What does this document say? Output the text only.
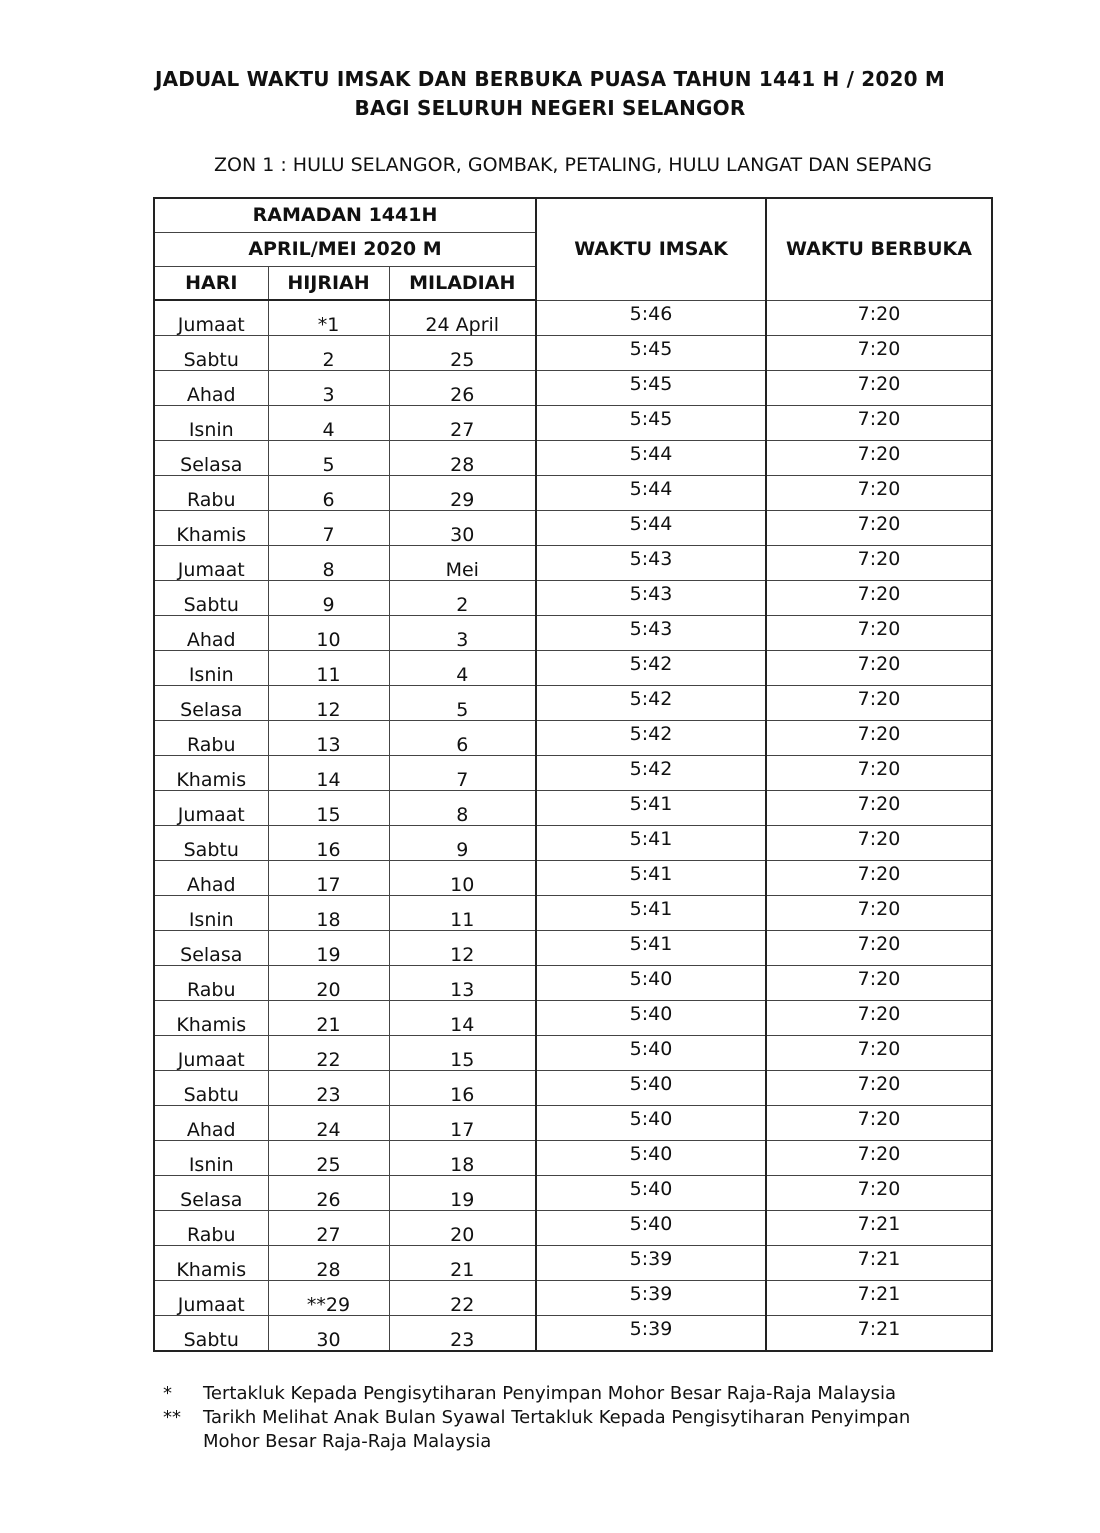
JADUAL WAKTU IMSAK DAN BERBUKA PUASA TAHUN 1441 H / 2020 M
BAGI SELURUH NEGERI SELANGOR
ZON 1 : HULU SELANGOR, GOMBAK, PETALING, HULU LANGAT DAN SEPANG
RAMADAN 1441H			WAKTU IMSAK	WAKTU BERBUKA
APRIL/MEI 2020 M				
HARI	HIJRIAH	MILADIAH		
Jumaat	*1	24 April	5:46	7:20
Sabtu	2	25	5:45	7:20
Ahad	3	26	5:45	7:20
Isnin	4	27	5:45	7:20
Selasa	5	28	5:44	7:20
Rabu	6	29	5:44	7:20
Khamis	7	30	5:44	7:20
Jumaat	8	Mei	5:43	7:20
Sabtu	9	2	5:43	7:20
Ahad	10	3	5:43	7:20
Isnin	11	4	5:42	7:20
Selasa	12	5	5:42	7:20
Rabu	13	6	5:42	7:20
Khamis	14	7	5:42	7:20
Jumaat	15	8	5:41	7:20
Sabtu	16	9	5:41	7:20
Ahad	17	10	5:41	7:20
Isnin	18	11	5:41	7:20
Selasa	19	12	5:41	7:20
Rabu	20	13	5:40	7:20
Khamis	21	14	5:40	7:20
Jumaat	22	15	5:40	7:20
Sabtu	23	16	5:40	7:20
Ahad	24	17	5:40	7:20
Isnin	25	18	5:40	7:20
Selasa	26	19	5:40	7:20
Rabu	27	20	5:40	7:21
Khamis	28	21	5:39	7:21
Jumaat	**29	22	5:39	7:21
Sabtu	30	23	5:39	7:21
*	Tertakluk Kepada Pengisytiharan Penyimpan Mohor Besar Raja-Raja Malaysia
**	Tarikh Melihat Anak Bulan Syawal Tertakluk Kepada Pengisytiharan Penyimpan Mohor Besar Raja-Raja Malaysia
